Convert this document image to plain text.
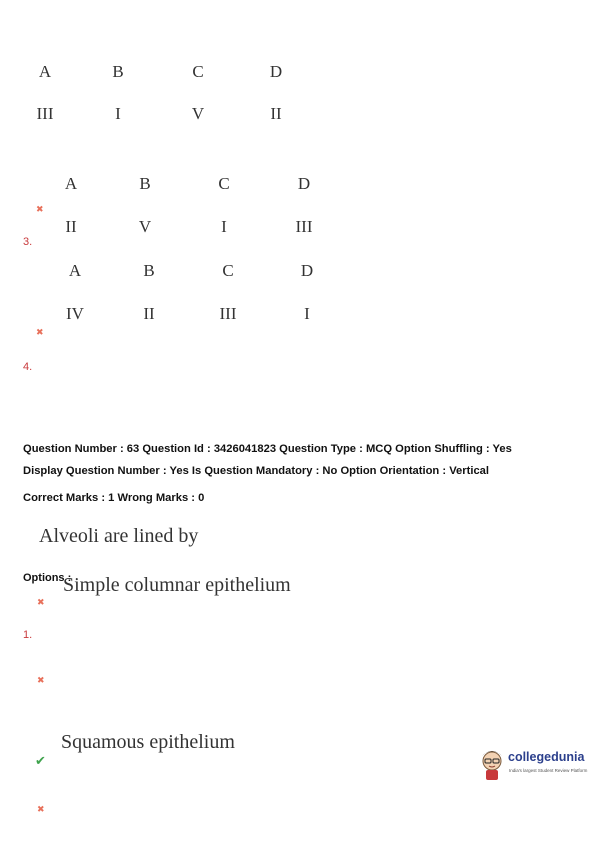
A	B	C	D
III	I	V	II
A	B	C	D
✖
II	V	I	III
3.
A	B	C	D
IV	II	III	I
✖
4.
Question Number : 63 Question Id : 3426041823 Question Type : MCQ Option Shuffling : Yes
Display Question Number : Yes Is Question Mandatory : No Option Orientation : Vertical
Correct Marks : 1 Wrong Marks : 0
Alveoli are lined by
Options :
Simple columnar epithelium
✖
1.
✖
Squamous epithelium
✔
✖
collegedunia
India's largest Student Review Platform
